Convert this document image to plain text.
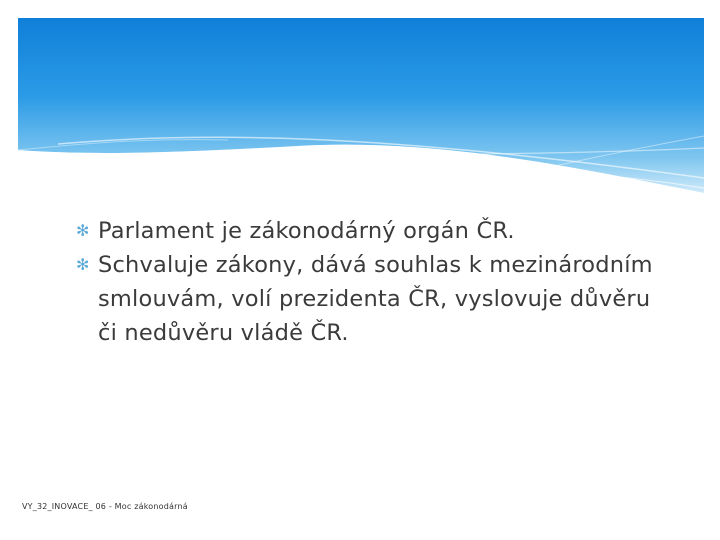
✻ Parlament je zákonodárný orgán ČR.
✻ Schvaluje zákony, dává souhlas k mezinárodním smlouvám, volí prezidenta ČR, vyslovuje důvěru či nedůvěru vládě ČR.
VY_32_INOVACE_ 06 - Moc zákonodárná
